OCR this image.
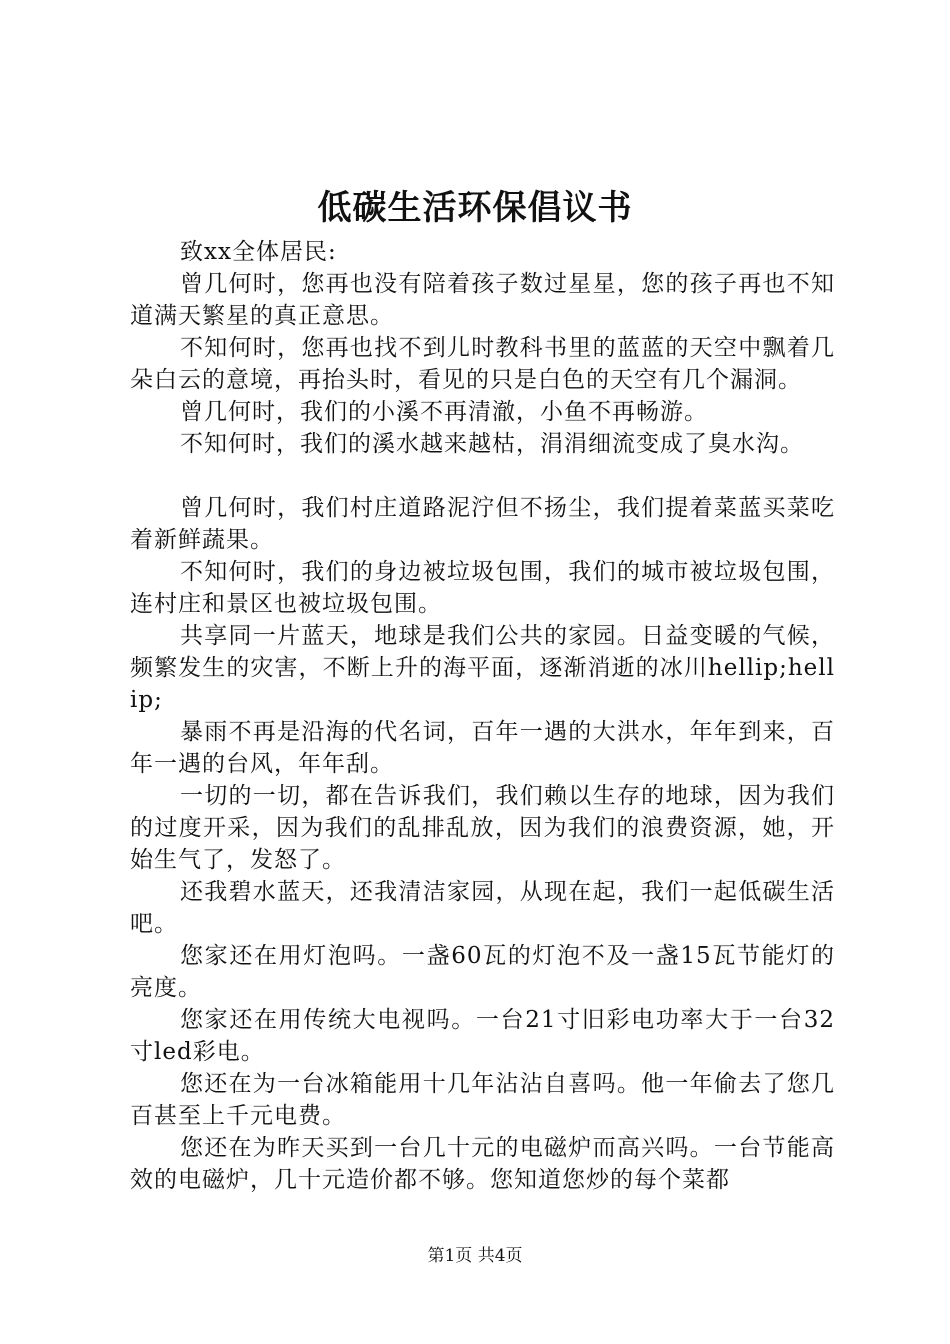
低碳生活环保倡议书

致xx全体居民:

曾几何时，您再也没有陪着孩子数过星星，您的孩子再也不知道满天繁星的真正意思。

不知何时，您再也找不到儿时教科书里的蓝蓝的天空中飘着几朵白云的意境，再抬头时，看见的只是白色的天空有几个漏洞。

曾几何时，我们的小溪不再清澈，小鱼不再畅游。

不知何时，我们的溪水越来越枯，涓涓细流变成了臭水沟。

曾几何时，我们村庄道路泥泞但不扬尘，我们提着菜蓝买菜吃着新鲜蔬果。

不知何时，我们的身边被垃圾包围，我们的城市被垃圾包围，连村庄和景区也被垃圾包围。

共享同一片蓝天，地球是我们公共的家园。日益变暖的气候，频繁发生的灾害，不断上升的海平面，逐渐消逝的冰川hellip;hellip;

暴雨不再是沿海的代名词，百年一遇的大洪水，年年到来，百年一遇的台风，年年刮。

一切的一切，都在告诉我们，我们赖以生存的地球，因为我们的过度开采，因为我们的乱排乱放，因为我们的浪费资源，她，开始生气了，发怒了。

还我碧水蓝天，还我清洁家园，从现在起，我们一起低碳生活吧。

您家还在用灯泡吗。一盏60瓦的灯泡不及一盏15瓦节能灯的亮度。

您家还在用传统大电视吗。一台21寸旧彩电功率大于一台32寸led彩电。

您还在为一台冰箱能用十几年沾沾自喜吗。他一年偷去了您几百甚至上千元电费。

您还在为昨天买到一台几十元的电磁炉而高兴吗。一台节能高效的电磁炉，几十元造价都不够。您知道您炒的每个菜都

第1页 共4页
